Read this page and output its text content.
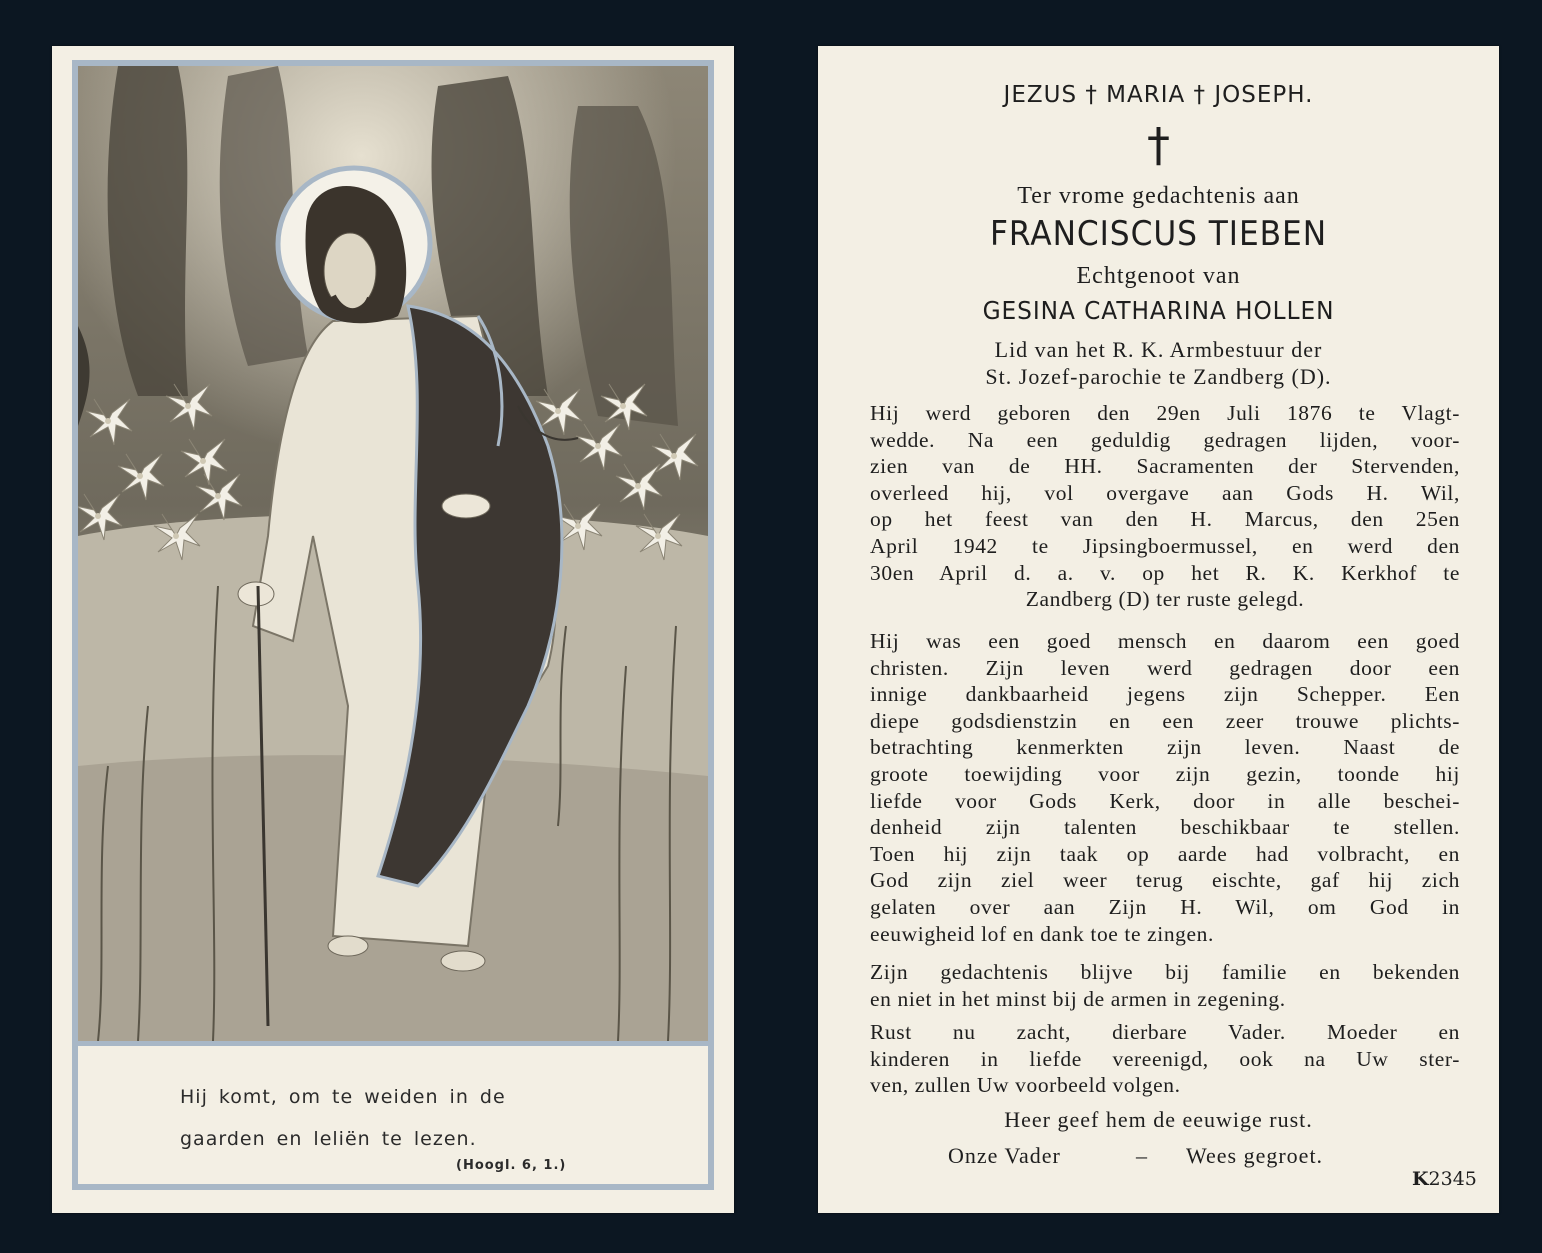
Hij komt, om te weiden in de
gaarden en leliën te lezen.
(Hoogl. 6, 1.)
JEZUS † MARIA † JOSEPH.
†
Ter vrome gedachtenis aan
FRANCISCUS TIEBEN
Echtgenoot van
GESINA CATHARINA HOLLEN
Lid van het R. K. Armbestuur der
St. Jozef-parochie te Zandberg (D).
Hij werd geboren den 29en Juli 1876 te Vlagt-
wedde. Na een geduldig gedragen lijden, voor-
zien van de HH. Sacramenten der Stervenden,
overleed hij, vol overgave aan Gods H. Wil,
op het feest van den H. Marcus, den 25en
April 1942 te Jipsingboermussel, en werd den
30en April d. a. v. op het R. K. Kerkhof te
Zandberg (D) ter ruste gelegd.
Hij was een goed mensch en daarom een goed
christen. Zijn leven werd gedragen door een
innige dankbaarheid jegens zijn Schepper. Een
diepe godsdienstzin en een zeer trouwe plichts-
betrachting kenmerkten zijn leven. Naast de
groote toewijding voor zijn gezin, toonde hij
liefde voor Gods Kerk, door in alle beschei-
denheid zijn talenten beschikbaar te stellen.
Toen hij zijn taak op aarde had volbracht, en
God zijn ziel weer terug eischte, gaf hij zich
gelaten over aan Zijn H. Wil, om God in
eeuwigheid lof en dank toe te zingen.
Zijn gedachtenis blijve bij familie en bekenden
en niet in het minst bij de armen in zegening.
Rust nu zacht, dierbare Vader. Moeder en
kinderen in liefde vereenigd, ook na Uw ster-
ven, zullen Uw voorbeeld volgen.
Heer geef hem de eeuwige rust.
Onze Vader	– Wees gegroet.
K2345
